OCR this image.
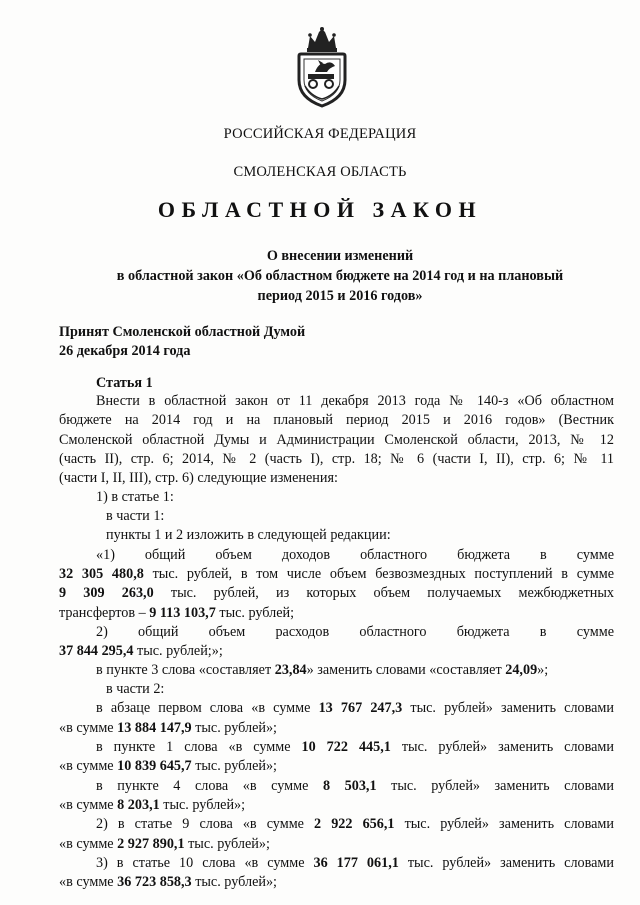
РОССИЙСКАЯ ФЕДЕРАЦИЯ
СМОЛЕНСКАЯ ОБЛАСТЬ
ОБЛАСТНОЙ ЗАКОН
О внесении изменений
в областной закон «Об областном бюджете на 2014 год и на плановый
период 2015 и 2016 годов»
Принят Смоленской областной Думой
26 декабря 2014 года
Статья 1
Внести в областной закон от 11 декабря 2013 года № 140-з «Об областном
бюджете на 2014 год и на плановый период 2015 и 2016 годов» (Вестник
Смоленской областной Думы и Администрации Смоленской области, 2013, № 12
(часть II), стр. 6; 2014, № 2 (часть I), стр. 18; № 6 (части I, II), стр. 6; № 11
(части I, II, III), стр. 6) следующие изменения:
1) в статье 1:
в части 1:
пункты 1 и 2 изложить в следующей редакции:
«1) общий объем доходов областного бюджета в сумме
32 305 480,8 тыс. рублей, в том числе объем безвозмездных поступлений в сумме
9 309 263,0 тыс. рублей, из которых объем получаемых межбюджетных
трансфертов – 9 113 103,7 тыс. рублей;
2) общий объем расходов областного бюджета в сумме
37 844 295,4 тыс. рублей;»;
в пункте 3 слова «составляет 23,84» заменить словами «составляет 24,09»;
в части 2:
в абзаце первом слова «в сумме 13 767 247,3 тыс. рублей» заменить словами
«в сумме 13 884 147,9 тыс. рублей»;
в пункте 1 слова «в сумме 10 722 445,1 тыс. рублей» заменить словами
«в сумме 10 839 645,7 тыс. рублей»;
в пункте 4 слова «в сумме 8 503,1 тыс. рублей» заменить словами
«в сумме 8 203,1 тыс. рублей»;
2) в статье 9 слова «в сумме 2 922 656,1 тыс. рублей» заменить словами
«в сумме 2 927 890,1 тыс. рублей»;
3) в статье 10 слова «в сумме 36 177 061,1 тыс. рублей» заменить словами
«в сумме 36 723 858,3 тыс. рублей»;
